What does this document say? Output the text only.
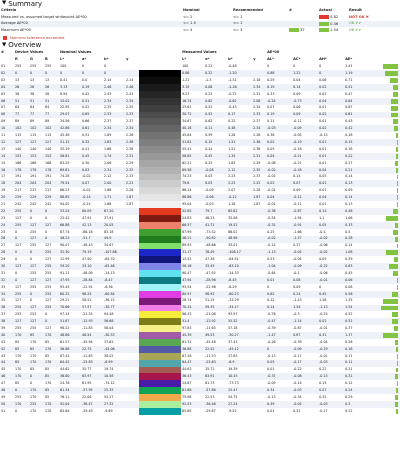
▼ Summary
Criteria	Nominal	Recommended	#	Actual	Result
Measured vs. assumed target whitepoint ΔE*00	<= 2	<= 1		4.82	NOT OK ✖
Average ΔE*00	<= 1.5	<= 1		0.46	OK ✔✔
Maximum ΔE*00	<= 4	<= 3	37	1.54	OK ✔✔
Nominal tolerance exceeded
▼ Overview
#	Device Values			Nominal Values					Measured Values				ΔE*00			
	R	G	B	L*	a*	b*	γ		L*	a*	b*	γ	ΔL*	ΔC*	ΔH*	ΔE*
01	255	255	255	100	0	0			100	0.22	-0.48		0	0	0	1.41

02	0	0	0	0	0	0			0.88	0.22	-1.20		0.88	1.22	0	1.19

03	13	13	13	0.41	0.0	2.14	2.14		1.21	-1.3	-1.31	2.18	0.29	0.04	0.06	0.71

04	26	26	26	3.13	0.19	2.46	2.46		3.19	0.08	-1.16	2.34	0.19	0.14	0.02	0.51

05	38	38	38	8.94	0.42	2.43	2.43		9.27	0.23	-0.72	2.31	0.33	0.09	0.02	0.47

06	51	51	51	15.02	0.51	2.34	2.34		16.74	0.62	-0.62	2.08	-0.24	-0.73	0.04	0.64

07	64	64	64	22.95	0.52	2.35	2.35		23.61	0.52	-0.43	2.34	0.07	0.06	0.01	0.67

08	77	77	77	29.07	0.65	2.33	2.33		30.72	0.52	0.17	2.33	0.19	0.09	0.02	0.61

09	89	89	89	34.56	0.66	2.37	2.37		34.67	0.62	0.22	2.37	0.11	-0.11	0.01	0.43

10	102	102	102	42.86	0.61	2.34	2.34		40.18	0.11	0.48	2.34	-0.03	-0.09	0.02	0.42

11	115	115	115	45.48	0.51	1.89	2.26		45.84	0.59	1.28	2.26	0.36	-0.05	-0.15	0.18

12	127	127	127	51.12	0.32	1.63	2.36		51.61	0.15	1.51	2.36	0.02	-0.19	0.01	0.15

13	140	140	140	55.19	0.41	1.68	2.38		55.41	0.14	1.51	2.38	0.05	-0.18	0.01	0.18

14	153	153	153	56.81	0.45	1.74	2.31		56.85	0.45	1.34	2.31	0.04	-0.21	0.01	0.22

15	166	166	166	63.29	0.30	2.06	2.29		62.21	0.25	1.83	2.29	-0.08	-0.21	0.01	0.27

16	178	178	178	69.61	0.03	2.34	2.35		69.58	-0.08	2.12	2.35	-0.02	-0.18	0.04	0.21

17	191	191	191	74.28	-0.02	2.12	2.33		74.23	0.03	2.23	2.33	-0.01	0.14	0.05	0.14

18	204	204	204	79.54	0.07	2.00	2.22		79.6	0.03	2.23	2.22	0.02	0.07	0.01	0.13

19	217	217	217	86.23	-0.02	1.88	2.26		86.24	-0.09	2.07	2.26	-0.01	0.09	0.01	0.09

20	229	229	229	88.85	-0.14	1.71	1.87		88.86	-0.06	-0.12	1.87	0.04	-0.11	0.04	0.14

21	242	242	242	94.02	-0.14	1.68	1.87		95.04	-0.03	1.18	1.87	-0.01	-0.11	0.01	0.13

22	255	0	0	53.24	80.09	67.20			52.85	79.7	65.82		-0.38	-0.87	0.14	0.48

23	127	0	0	25.42	47.91	37.91			24.83	48.13	35.08		-0.54	-1.94	1.1	1.06

24	255	127	127	66.88	42.13	20.05			66.57	41.71	19.52		-0.31	-0.91	0.05	0.33

25	0	255	0	87.74	-86.18	83.18			87.99	-73.52	86.01		0.25	-1.66	-0.4	0.5

26	0	127	0	46.23	-51.7	49.9			46.21	-50.82	48.98		-0.02	-1.27	-0.02	0.28

27	127	255	127	90.07	-48.43	34.67			89.93	-48.66	35.01		-0.14	0.37	-0.06	0.14

28	0	0	255	32.30	79.19	-107.86			31.17	78.49	-108.17		-1.13	-0.05	-0.02	1.08

29	0	0	127	12.99	47.50	-64.70			13.52	47.38	-64.51		0.53	-0.04	0.05	0.39

30	127	127	255	59.20	33.10	-63.46			58.16	33.45	-63.10		-1.04	-0.09	-0.22	0.83

31	0	255	255	91.11	-48.09	-14.13			90.47	-47.92	-14.33		-0.64	-0.1	-0.06	0.45

32	0	127	127	47.93	-28.84	-8.47			47.94	-28.96	-8.45		0.01	0.08	-0.01	0.06

33	127	255	255	93.45	-22.91	-6.36			93.54	-22.96	-6.29		0	0.09	0	0.08

34	255	0	255	60.32	98.25	-60.84			60.97	98.92	-60.23		0.62	0.24	0.45	0.56

35	127	0	127	29.21	58.51	-36.15			28.74	51.15	-33.29		0.12	-1.43	1.58	1.35

36	255	127	255	70.66	57.57	-30.77			70.24	59.35	-34.17		0.14	1.54	-1.13	1.54

37	255	255	0	97.14	-21.55	94.48			96.43	-21.08	93.97		-0.76	-0.3	-0.25	0.52

38	127	127	0	51.87	-12.93	56.68			51.4	-12.92	55.52		-0.47	-1.14	0.02	0.52

39	255	255	127	98.22	-11.83	58.04			97.83	-11.65	57.18		-0.39	-0.87	-0.01	0.37

40	170	85	170	46.86	48.54	-30.53			45.39	49.53	-30.27		-1.47	0.87	0.31	1.37

41	85	170	85	61.57	-45.94	37.62			61.31	-45.48	37.43		-0.26	-0.39	-0.04	0.26

42	85	85	170	36.88	22.75	-45.06			36.88	22.42	-45.12		0	-0.09	-0.29	0.18

43	170	170	85	67.41	-11.63	38.02			67.28	-11.53	37.83		-0.13	-0.17	-0.01	0.11

44	85	170	170	64.42	-25.83	-6.99			64.47	-25.63	-6.9		0.05	-0.17	-0.03	0.11

45	170	85	85	44.62	35.77	19.74			44.63	35.72	19.39		0.01	-0.22	0.22	0.21

46	170	0	85	36.80	63.97	10.58			36.43	63.91	10.43		-0.37	-0.08	-0.13	0.31

47	85	0	170	24.76	61.95	-74.12			24.67	61.73	-73.73		-0.09	-0.14	0.15	0.12

48	0	170	85	61.34	-57.95	25.35			61.68	-57.86	25.47		0.34	-0.03	0.07	0.24

49	255	170	85	76.11	22.06	55.27			75.98	22.53	54.75		-0.13	-0.34	0.32	0.29

50	170	255	170	92.04	-36.47	27.32			92.53	-36.46	27.24		0.49	-0.05	-0.03	0.3

51	0	170	170	65.64	-29.49	-9.69			65.65	-29.87	-9.52		0.01	0.31	-0.17	0.22
